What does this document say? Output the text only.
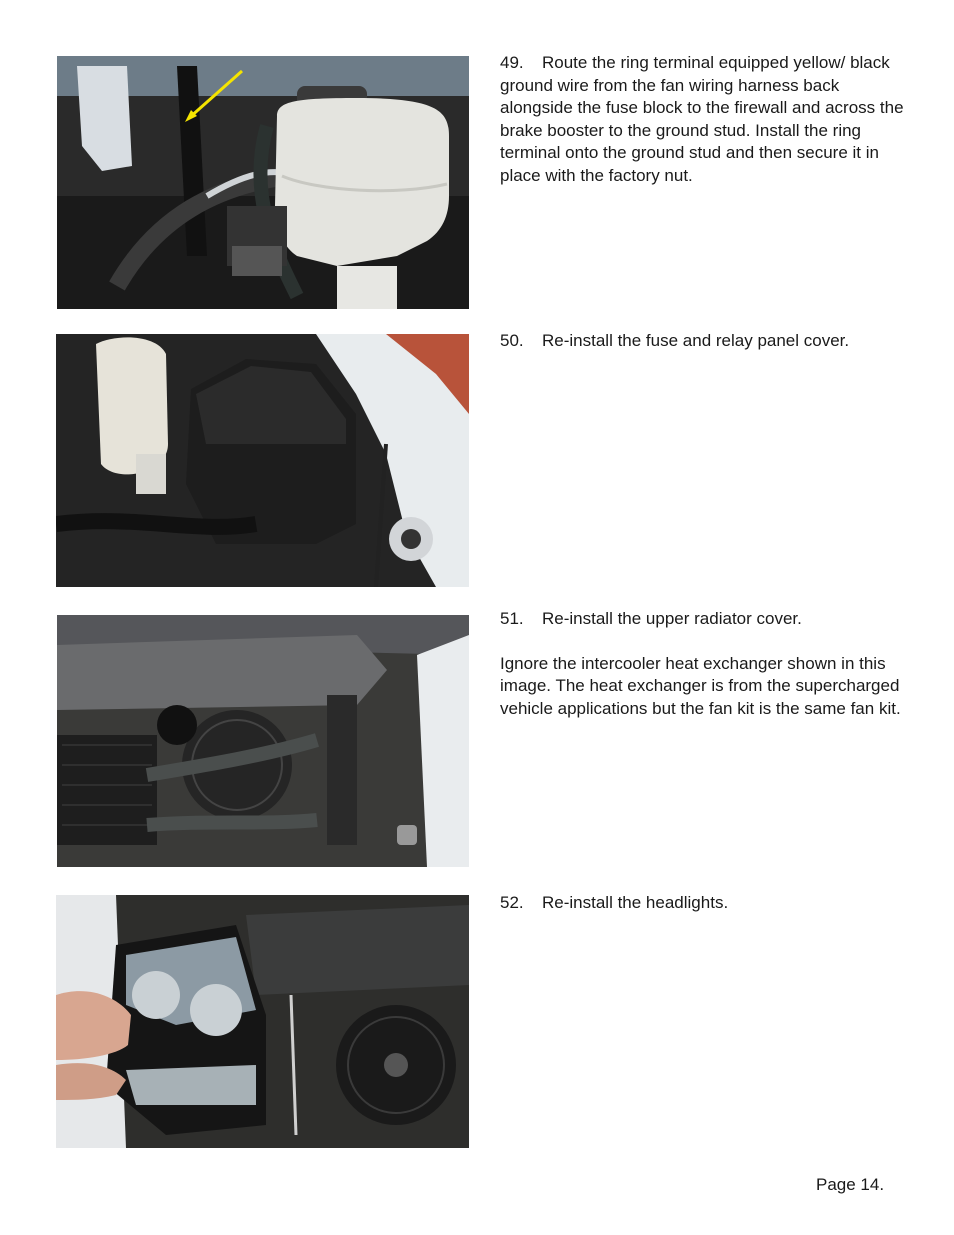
49. Route the ring terminal equipped yellow/ black ground wire from the fan wiring harness back alongside the fuse block to the firewall and across the brake booster to the ground stud. Install the ring terminal onto the ground stud and then secure it in place with the factory nut.

50. Re-install the fuse and relay panel cover.

51. Re-install the upper radiator cover.

Ignore the intercooler heat exchanger shown in this image. The heat exchanger is from the supercharged vehicle applications but the fan kit is the same fan kit.

52. Re-install the headlights.

Page 14.
